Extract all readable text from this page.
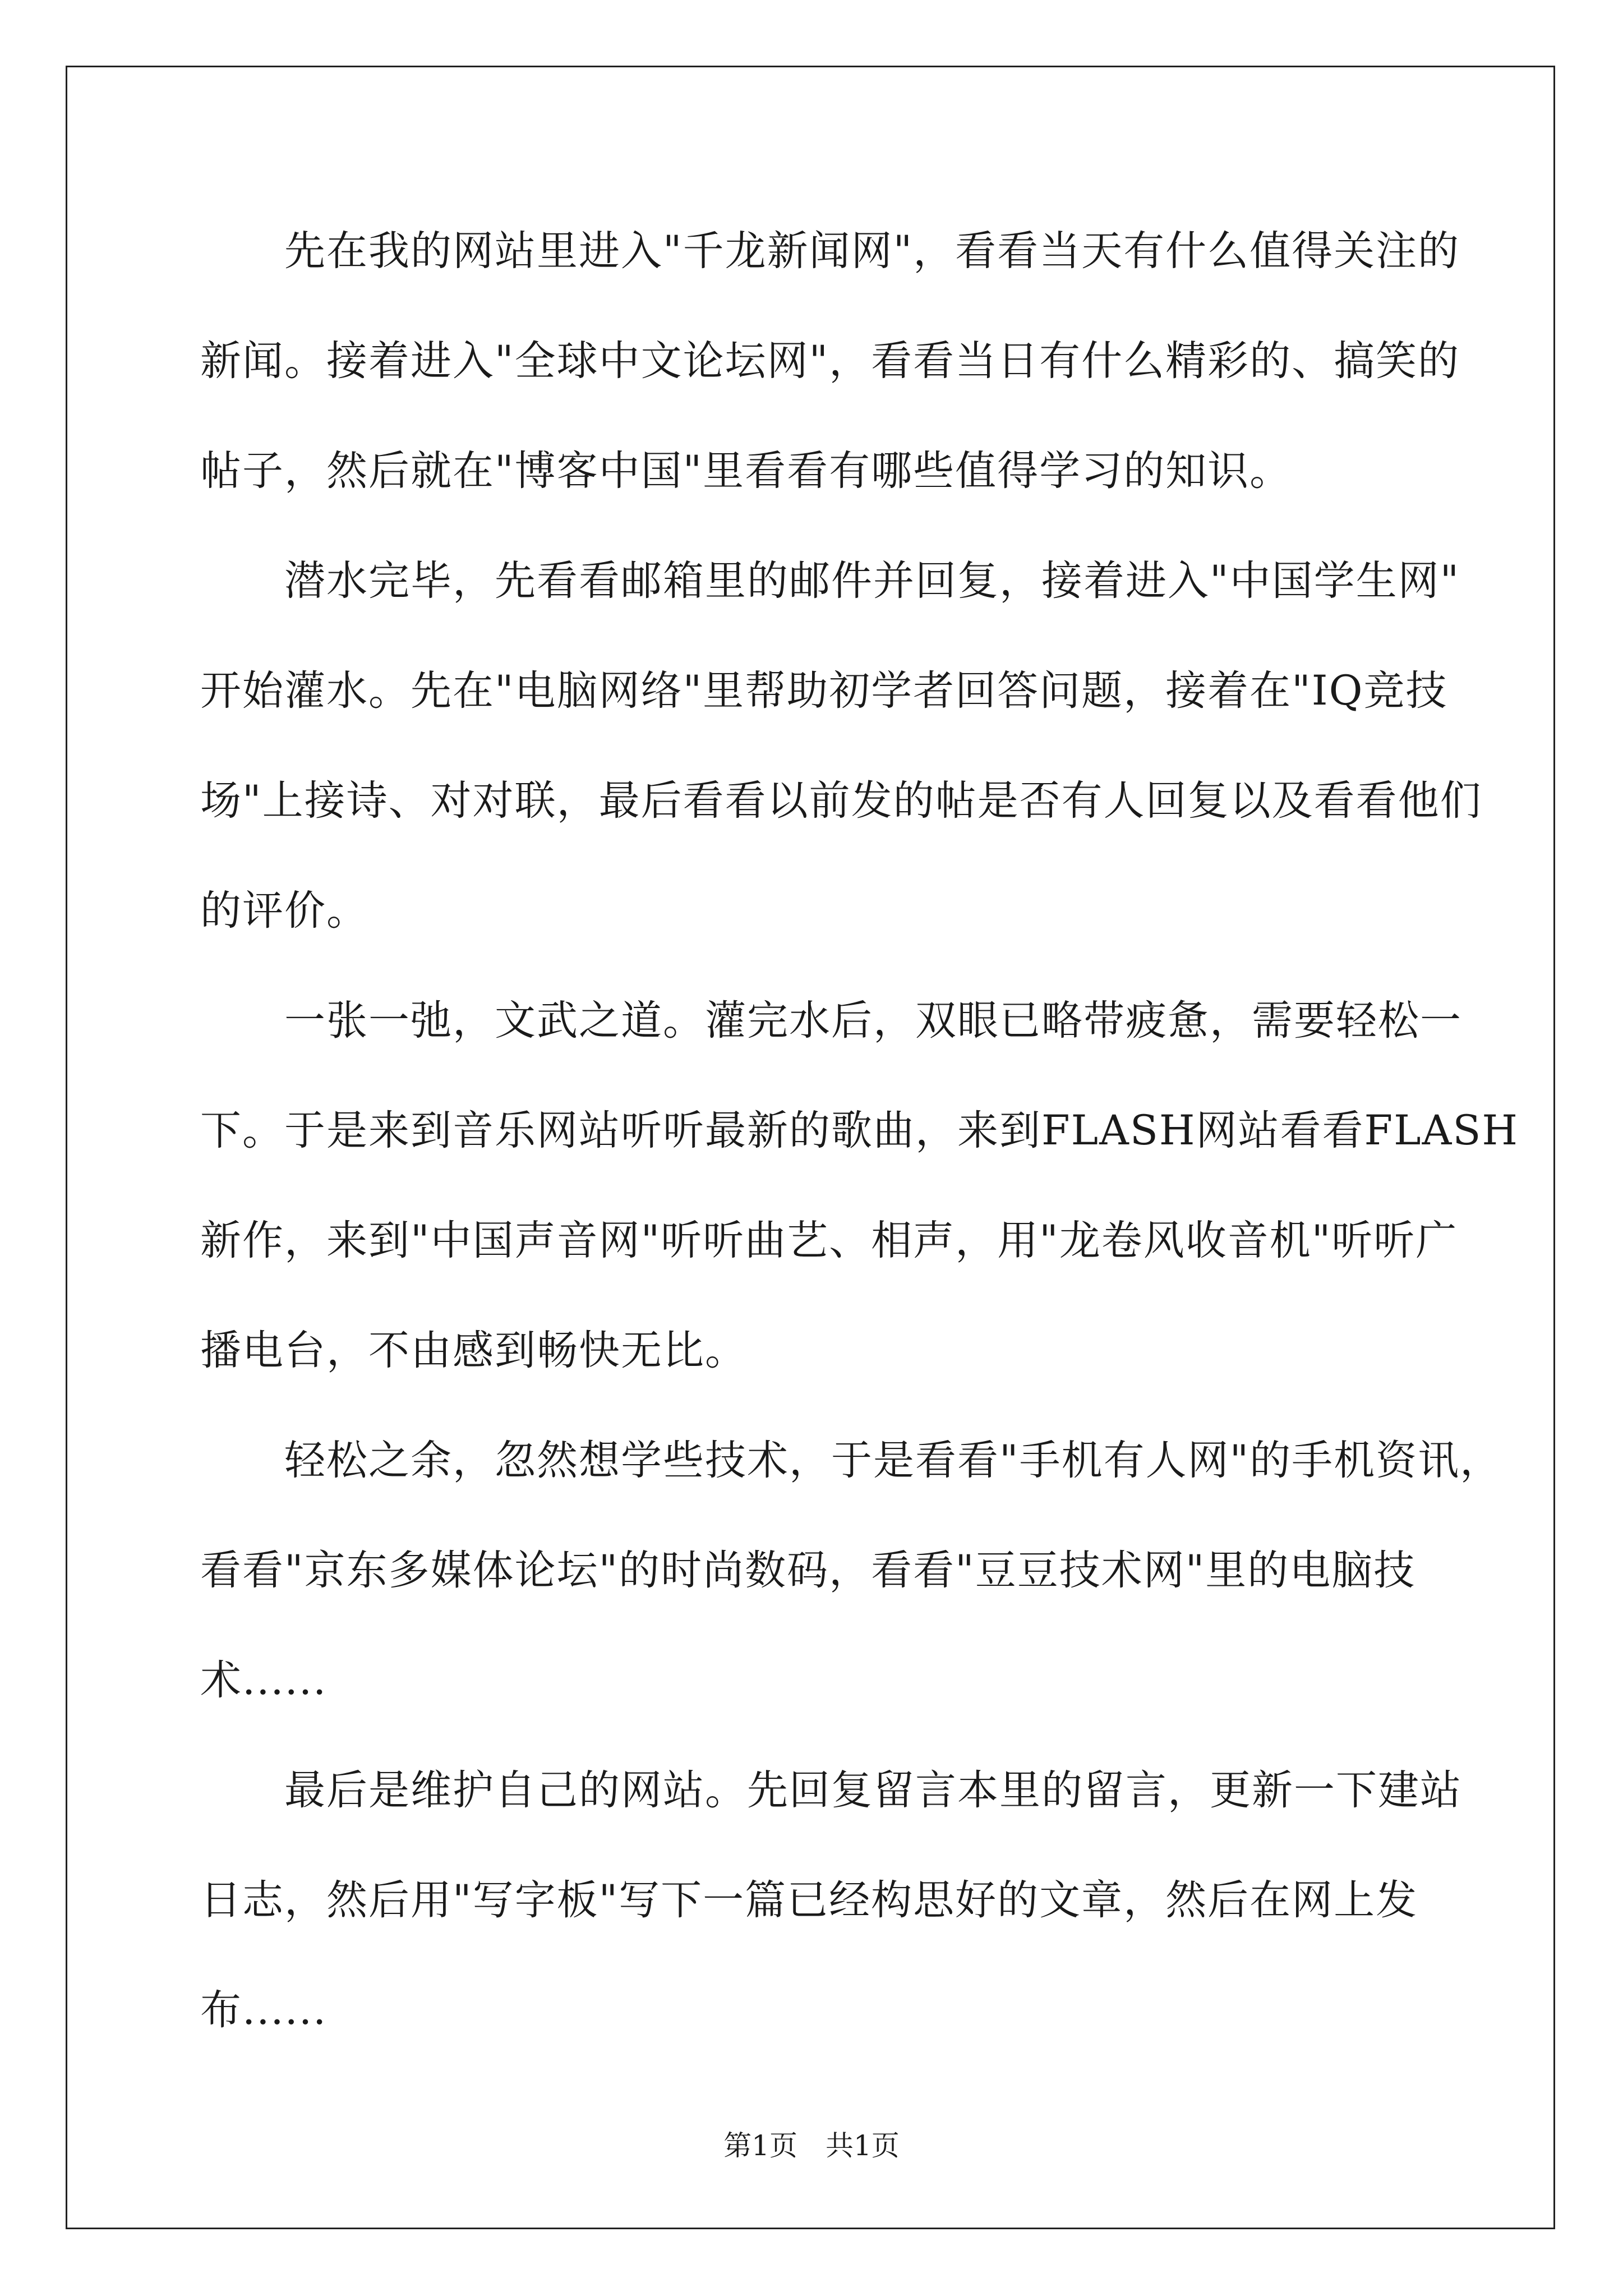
　　先在我的网站里进入"千龙新闻网"，看看当天有什么值得关注的
新闻。接着进入"全球中文论坛网"，看看当日有什么精彩的、搞笑的
帖子，然后就在"博客中国"里看看有哪些值得学习的知识。
　　潜水完毕，先看看邮箱里的邮件并回复，接着进入"中国学生网"
开始灌水。先在"电脑网络"里帮助初学者回答问题，接着在"IQ竞技
场"上接诗、对对联，最后看看以前发的帖是否有人回复以及看看他们
的评价。
　　一张一弛，文武之道。灌完水后，双眼已略带疲惫，需要轻松一
下。于是来到音乐网站听听最新的歌曲，来到FLASH网站看看FLASH
新作，来到"中国声音网"听听曲艺、相声，用"龙卷风收音机"听听广
播电台，不由感到畅快无比。
　　轻松之余，忽然想学些技术，于是看看"手机有人网"的手机资讯，
看看"京东多媒体论坛"的时尚数码，看看"豆豆技术网"里的电脑技
术......
　　最后是维护自己的网站。先回复留言本里的留言，更新一下建站
日志，然后用"写字板"写下一篇已经构思好的文章，然后在网上发
布......
第1页　共1页
